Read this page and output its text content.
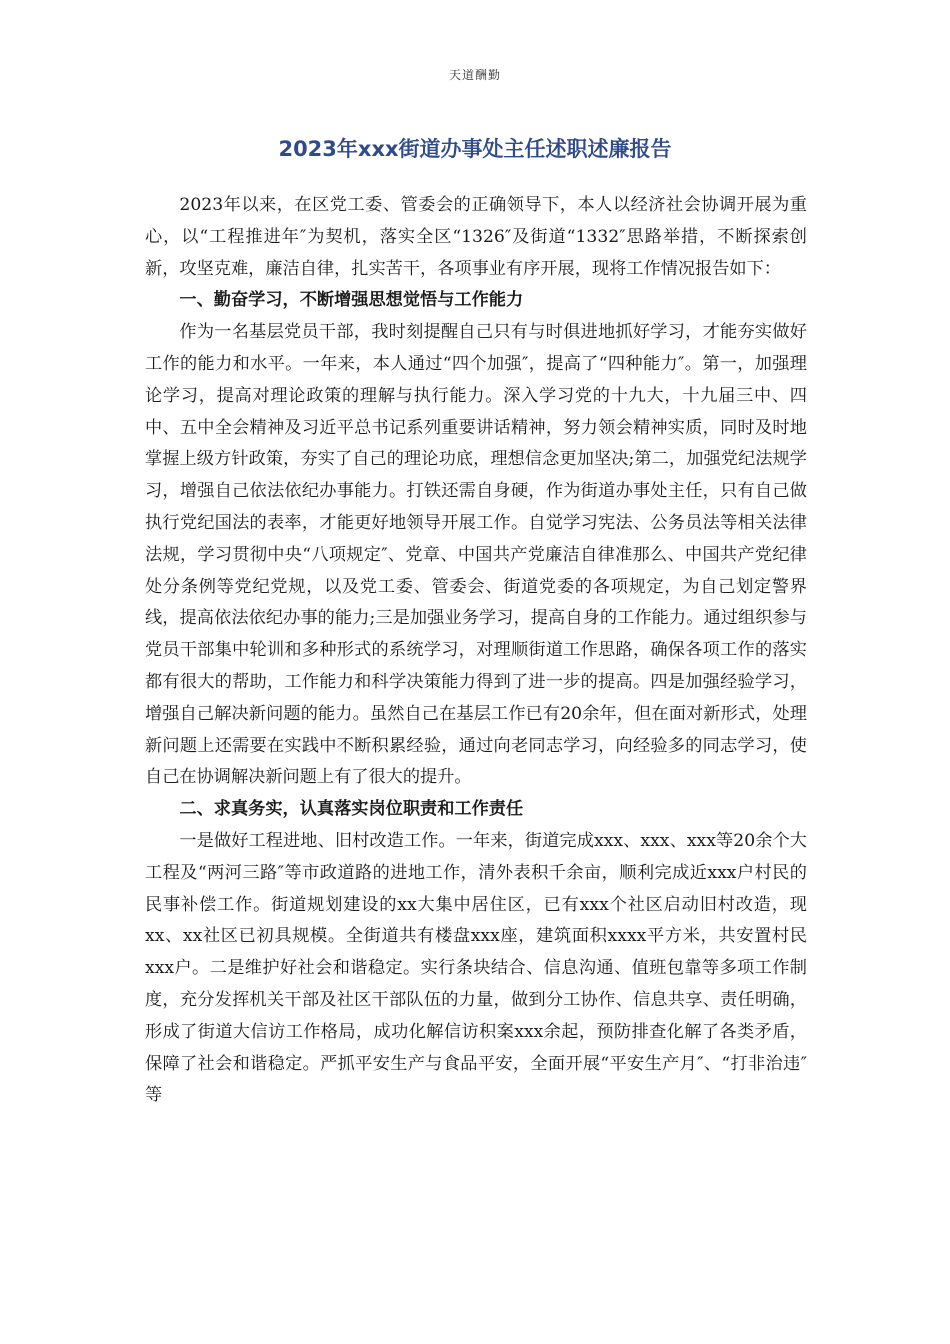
天道酬勤
2023年xxx街道办事处主任述职述廉报告

2023年以来，在区党工委、管委会的正确领导下，本人以经济社会协调开展为重心，以“工程推进年″为契机，落实全区“1326″及街道“1332″思路举措，不断探索创新，攻坚克难，廉洁自律，扎实苦干，各项事业有序开展，现将工作情况报告如下：

一、勤奋学习，不断增强思想觉悟与工作能力

作为一名基层党员干部，我时刻提醒自己只有与时俱进地抓好学习，才能夯实做好工作的能力和水平。一年来，本人通过“四个加强″，提高了“四种能力″。第一，加强理论学习，提高对理论政策的理解与执行能力。深入学习党的十九大，十九届三中、四中、五中全会精神及习近平总书记系列重要讲话精神，努力领会精神实质，同时及时地掌握上级方针政策，夯实了自己的理论功底，理想信念更加坚决;第二，加强党纪法规学习，增强自己依法依纪办事能力。打铁还需自身硬，作为街道办事处主任，只有自己做执行党纪国法的表率，才能更好地领导开展工作。自觉学习宪法、公务员法等相关法律法规，学习贯彻中央“八项规定″、党章、中国共产党廉洁自律准那么、中国共产党纪律处分条例等党纪党规，以及党工委、管委会、街道党委的各项规定，为自己划定警界线，提高依法依纪办事的能力;三是加强业务学习，提高自身的工作能力。通过组织参与党员干部集中轮训和多种形式的系统学习，对理顺街道工作思路，确保各项工作的落实都有很大的帮助，工作能力和科学决策能力得到了进一步的提高。四是加强经验学习，增强自己解决新问题的能力。虽然自己在基层工作已有20余年，但在面对新形式，处理新问题上还需要在实践中不断积累经验，通过向老同志学习，向经验多的同志学习，使自己在协调解决新问题上有了很大的提升。

二、求真务实，认真落实岗位职责和工作责任

一是做好工程进地、旧村改造工作。一年来，街道完成xxx、xxx、xxx等20余个大工程及“两河三路″等市政道路的进地工作，清外表积千余亩，顺利完成近xxx户村民的民事补偿工作。街道规划建设的xx大集中居住区，已有xxx个社区启动旧村改造，现xx、xx社区已初具规模。全街道共有楼盘xxx座，建筑面积xxxx平方米，共安置村民xxx户。二是维护好社会和谐稳定。实行条块结合、信息沟通、值班包靠等多项工作制度，充分发挥机关干部及社区干部队伍的力量，做到分工协作、信息共享、责任明确，形成了街道大信访工作格局，成功化解信访积案xxx余起，预防排查化解了各类矛盾，保障了社会和谐稳定。严抓平安生产与食品平安，全面开展“平安生产月″、“打非治违″等
